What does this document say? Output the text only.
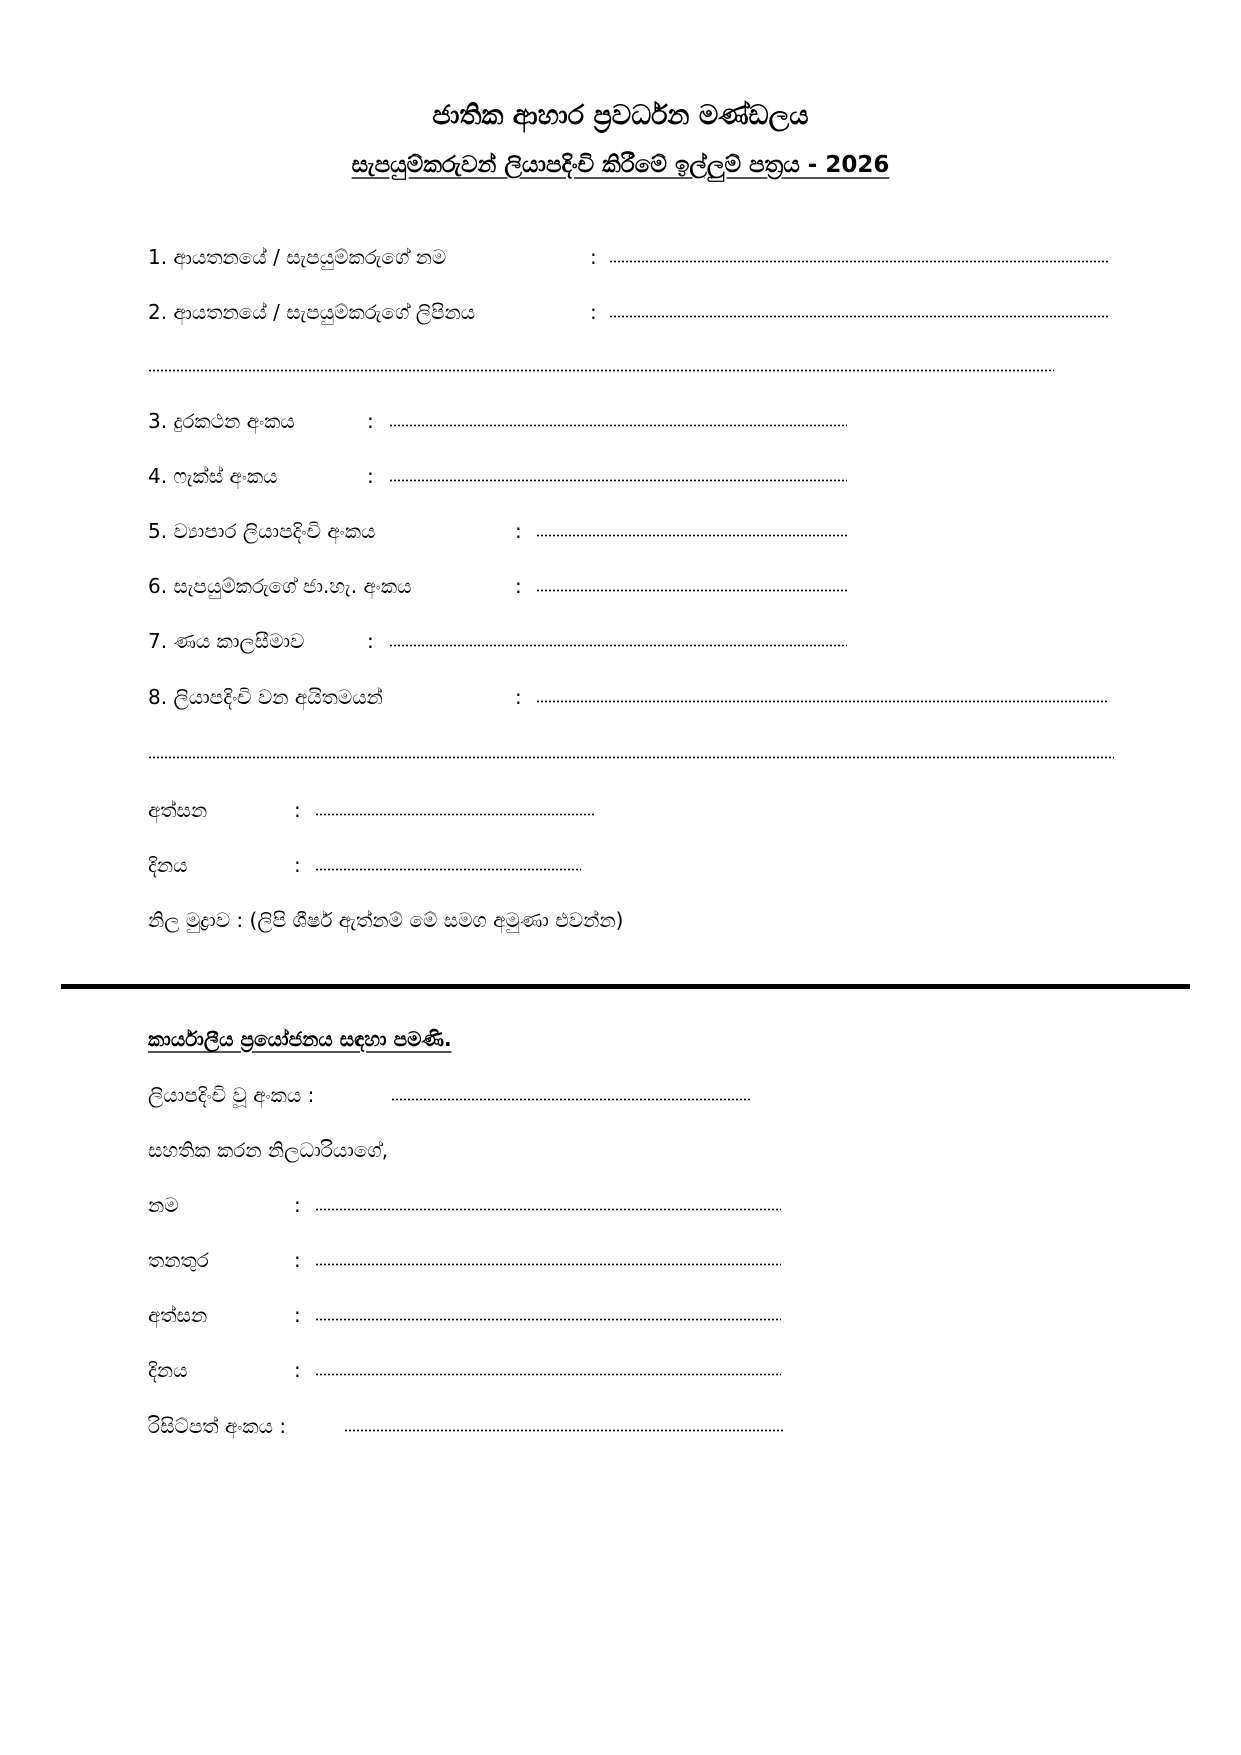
ජාතික ආහාර ප්‍රවර්ධන මණ්ඩලය
සැපයුම්කරුවන් ලියාපදිංචි කිරීමේ ඉල්ලුම් පත්‍රය - 2026
1. ආයතනයේ / සැපයුම්කරුගේ නම	:
2. ආයතනයේ / සැපයුම්කරුගේ ලිපිනය	:
3. දුරකථන අංකය	:
4. ෆැක්ස් අංකය	:
5. ව්‍යාපාර ලියාපදිංචි අංකය	:
6. සැපයුම්කරුගේ ජා.හැ. අංකය	:
7. ණය කාලසීමාව	:
8. ලියාපදිංචි වන අයිතමයන්	:
අත්සන	:
දිනය	:
නිල මුද්‍රාව : (ලිපි ශීර්ෂ ඇත්නම් මේ සමග අමුණා එවන්න)
කාර්යාලීය ප්‍රයෝජනය සඳහා පමණි.
ලියාපදිංචි වූ අංකය :
සහතික කරන නිලධාරියාගේ,
නම	:
තනතුර	:
අත්සන	:
දිනය	:
රිසිට්පත් අංකය :
